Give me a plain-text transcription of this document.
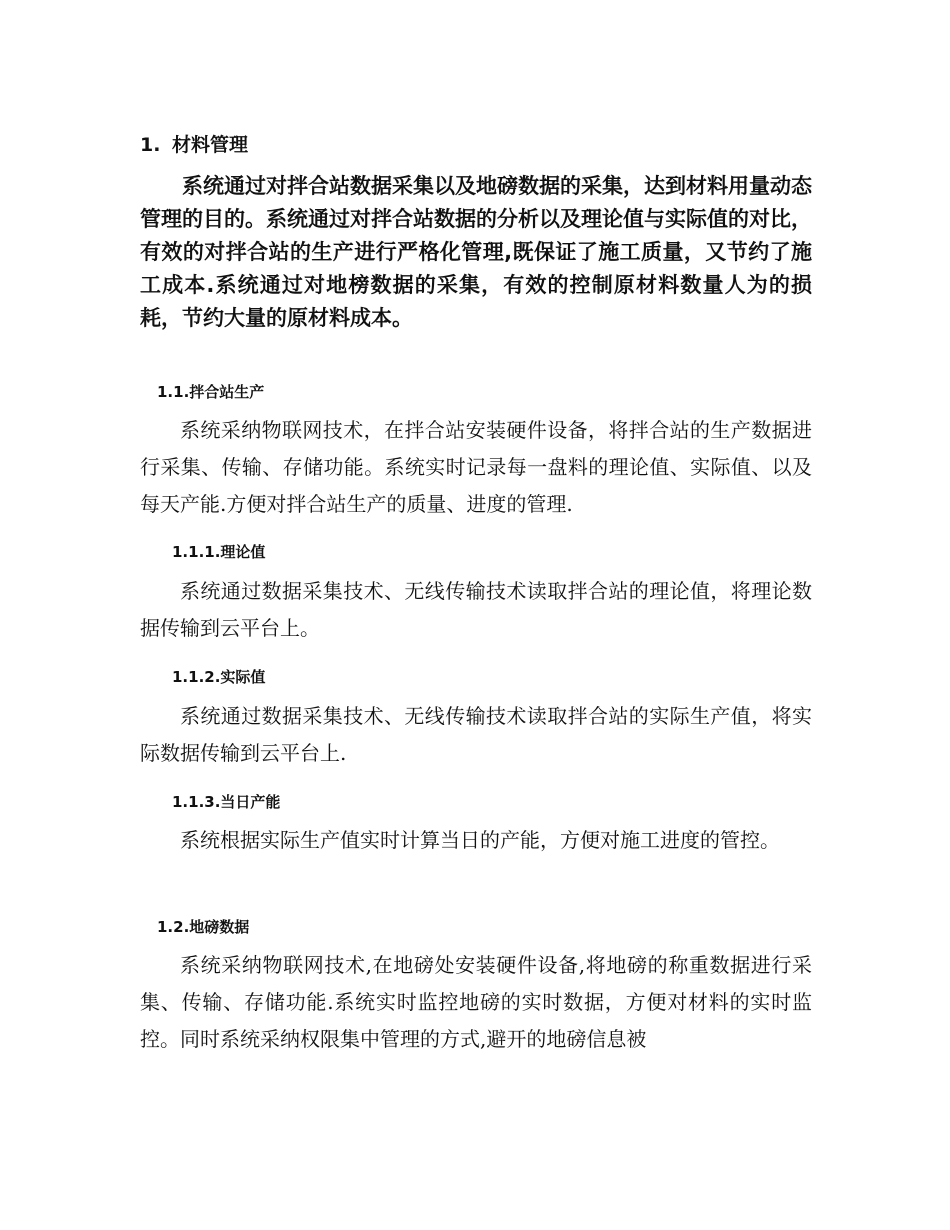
1. 材料管理

系统通过对拌合站数据采集以及地磅数据的采集，达到材料用量动态管理的目的。系统通过对拌合站数据的分析以及理论值与实际值的对比，有效的对拌合站的生产进行严格化管理,既保证了施工质量，又节约了施工成本.系统通过对地榜数据的采集，有效的控制原材料数量人为的损耗，节约大量的原材料成本。

1.1.拌合站生产

系统采纳物联网技术，在拌合站安装硬件设备，将拌合站的生产数据进行采集、传输、存储功能。系统实时记录每一盘料的理论值、实际值、以及每天产能.方便对拌合站生产的质量、进度的管理.

1.1.1.理论值

系统通过数据采集技术、无线传输技术读取拌合站的理论值，将理论数据传输到云平台上。

1.1.2.实际值

系统通过数据采集技术、无线传输技术读取拌合站的实际生产值，将实际数据传输到云平台上.

1.1.3.当日产能

系统根据实际生产值实时计算当日的产能，方便对施工进度的管控。

1.2.地磅数据

系统采纳物联网技术,在地磅处安装硬件设备,将地磅的称重数据进行采集、传输、存储功能.系统实时监控地磅的实时数据，方便对材料的实时监控。同时系统采纳权限集中管理的方式,避开的地磅信息被
